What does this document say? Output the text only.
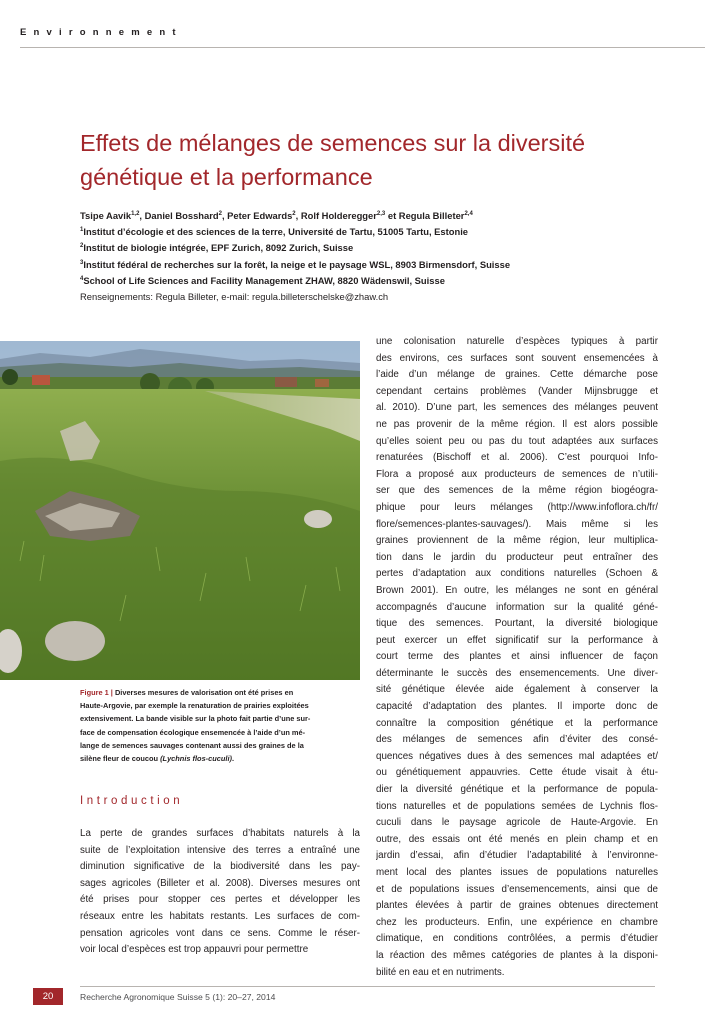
Environnement
Effets de mélanges de semences sur la diversité
génétique et la performance
Tsipe Aavik$^{1,2}$, Daniel Bosshard$^2$, Peter Edwards$^2$, Rolf Holderegger$^{2,3}$ et Regula Billeter$^{2,4}$
$^1$Institut d’écologie et des sciences de la terre, Université de Tartu, 51005 Tartu, Estonie
$^2$Institut de biologie intégrée, EPF Zurich, 8092 Zurich, Suisse
$^3$Institut fédéral de recherches sur la forêt, la neige et le paysage WSL, 8903 Birmensdorf, Suisse
$^4$School of Life Sciences and Facility Management ZHAW, 8820 Wädenswil, Suisse
Renseignements: Regula Billeter, e-mail: regula.billeterschelske@zhaw.ch
Figure 1 | Diverses mesures de valorisation ont été prises en
Haute-Argovie, par exemple la renaturation de prairies exploitées
extensivement. La bande visible sur la photo fait partie d’une sur-
face de compensation écologique ensemencée à l’aide d’un mé-
lange de semences sauvages contenant aussi des graines de la
silène fleur de coucou (Lychnis flos-cuculi).
Introduction
La perte de grandes surfaces d’habitats naturels à la
suite de l’exploitation intensive des terres a entraîné une
diminution significative de la biodiversité dans les pay-
sages agricoles (Billeter et al. 2008). Diverses mesures ont
été prises pour stopper ces pertes et développer les
réseaux entre les habitats restants. Les surfaces de com-
pensation agricoles vont dans ce sens. Comme le réser-
voir local d’espèces est trop appauvri pour permettre
une colonisation naturelle d’espèces typiques à partir
des environs, ces surfaces sont souvent ensemencées à
l’aide d’un mélange de graines. Cette démarche pose
cependant certains problèmes (Vander Mijnsbrugge et
al. 2010). D’une part, les semences des mélanges peuvent
ne pas provenir de la même région. Il est alors possible
qu’elles soient peu ou pas du tout adaptées aux surfaces
renaturées (Bischoff et al. 2006). C’est pourquoi Info-
Flora a proposé aux producteurs de semences de n’utili-
ser que des semences de la même région biogéogra-
phique pour leurs mélanges (http://www.infoflora.ch/fr/
flore/semences-plantes-sauvages/). Mais même si les
graines proviennent de la même région, leur multiplica-
tion dans le jardin du producteur peut entraîner des
pertes d’adaptation aux conditions naturelles (Schoen &
Brown 2001). En outre, les mélanges ne sont en général
accompagnés d’aucune information sur la qualité géné-
tique des semences. Pourtant, la diversité biologique
peut exercer un effet significatif sur la performance à
court terme des plantes et ainsi influencer de façon
déterminante le succès des ensemencements. Une diver-
sité génétique élevée aide également à conserver la
capacité d’adaptation des plantes. Il importe donc de
connaître la composition génétique et la performance
des mélanges de semences afin d’éviter des consé-
quences négatives dues à des semences mal adaptées et/
ou génétiquement appauvries. Cette étude visait à étu-
dier la diversité génétique et la performance de popula-
tions naturelles et de populations semées de Lychnis flos-
cuculi dans le paysage agricole de Haute-Argovie. En
outre, des essais ont été menés en plein champ et en
jardin d’essai, afin d’étudier l’adaptabilité à l’environne-
ment local des plantes issues de populations naturelles
et de populations issues d’ensemencements, ainsi que de
plantes élevées à partir de graines obtenues directement
chez les producteurs. Enfin, une expérience en chambre
climatique, en conditions contrôlées, a permis d’étudier
la réaction des mêmes catégories de plantes à la disponi-
bilité en eau et en nutriments.
20	Recherche Agronomique Suisse 5 (1): 20–27, 2014
